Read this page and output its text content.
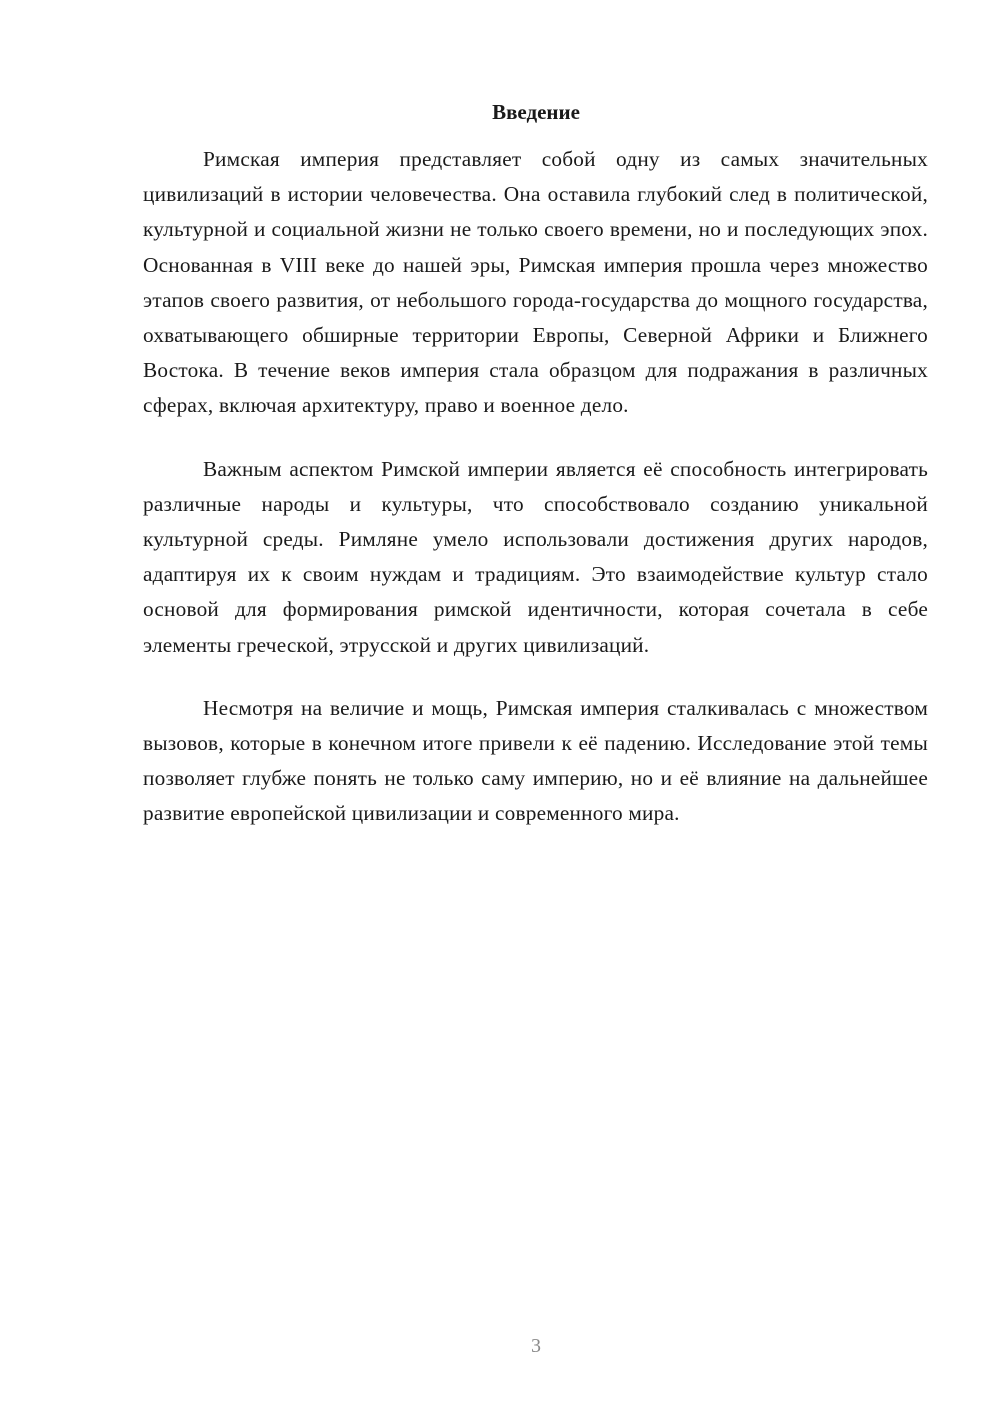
Введение

Римская империя представляет собой одну из самых значительных цивилизаций в истории человечества. Она оставила глубокий след в политической, культурной и социальной жизни не только своего времени, но и последующих эпох. Основанная в VIII веке до нашей эры, Римская империя прошла через множество этапов своего развития, от небольшого города-государства до мощного государства, охватывающего обширные территории Европы, Северной Африки и Ближнего Востока. В течение веков империя стала образцом для подражания в различных сферах, включая архитектуру, право и военное дело.

Важным аспектом Римской империи является её способность интегрировать различные народы и культуры, что способствовало созданию уникальной культурной среды. Римляне умело использовали достижения других народов, адаптируя их к своим нуждам и традициям. Это взаимодействие культур стало основой для формирования римской идентичности, которая сочетала в себе элементы греческой, этрусской и других цивилизаций.

Несмотря на величие и мощь, Римская империя сталкивалась с множеством вызовов, которые в конечном итоге привели к её падению. Исследование этой темы позволяет глубже понять не только саму империю, но и её влияние на дальнейшее развитие европейской цивилизации и современного мира.

3
